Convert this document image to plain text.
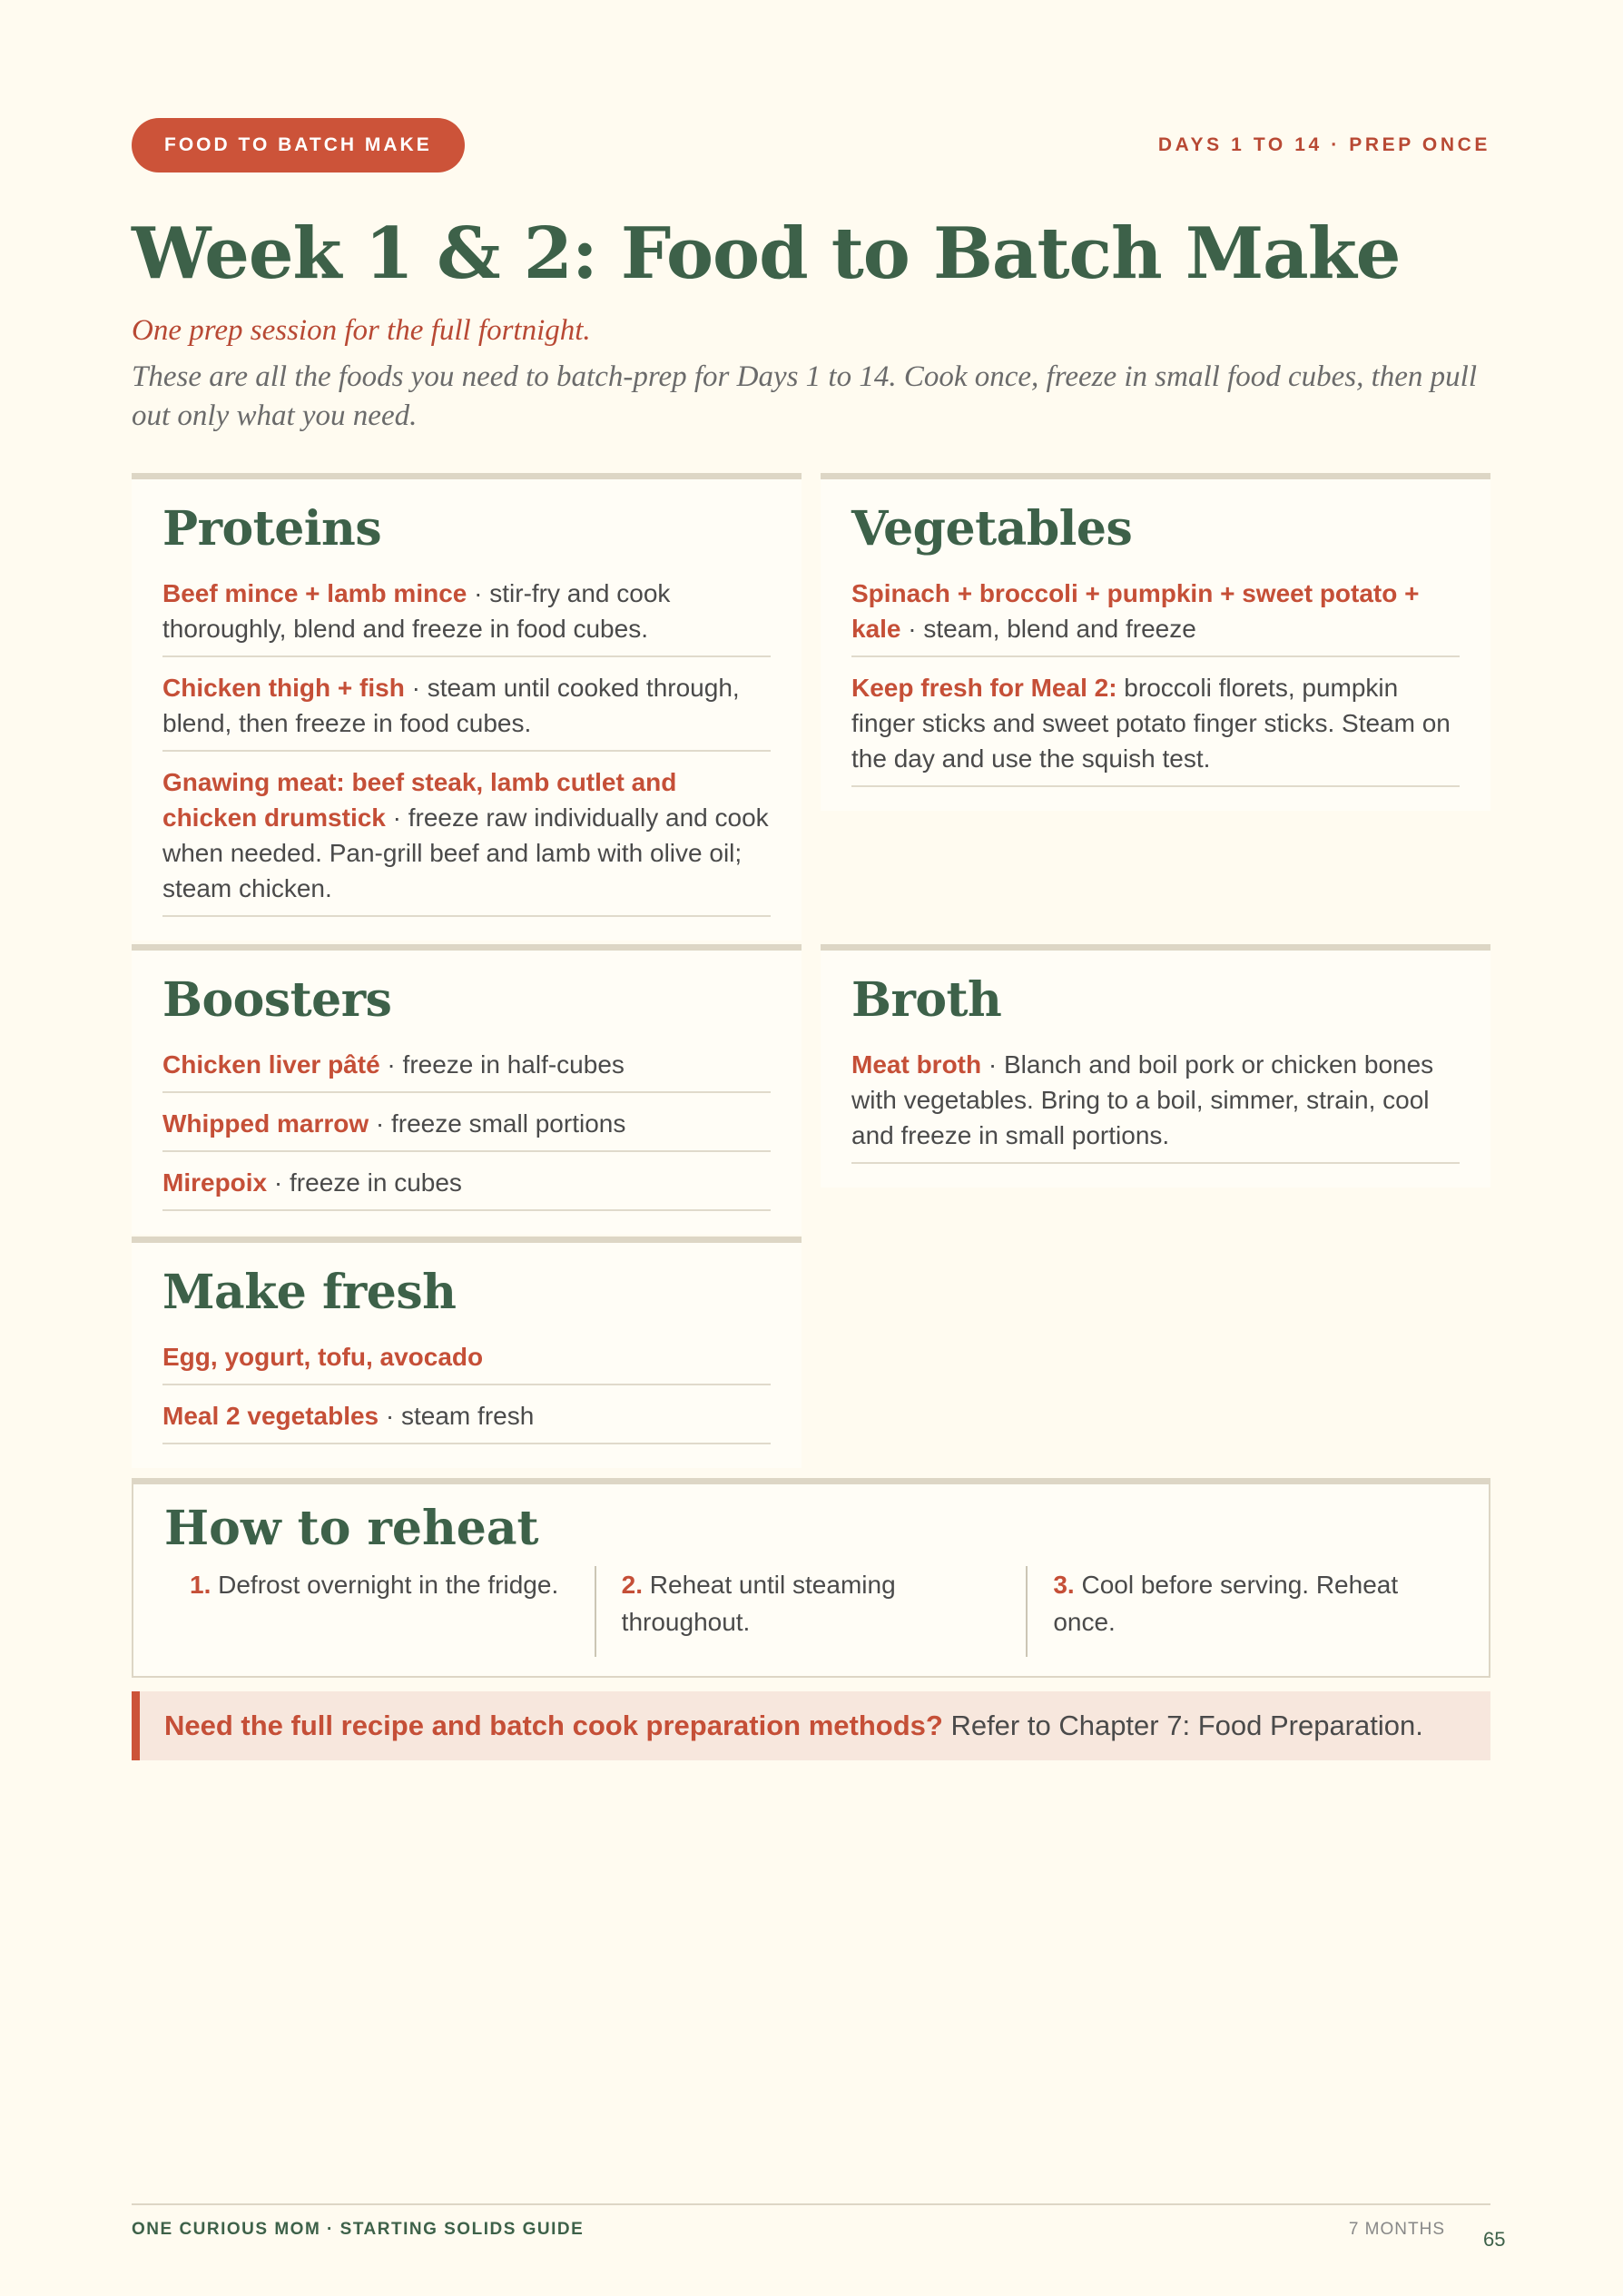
FOOD TO BATCH MAKE	DAYS 1 TO 14 · PREP ONCE
Week 1 & 2: Food to Batch Make
One prep session for the full fortnight.
These are all the foods you need to batch-prep for Days 1 to 14. Cook once, freeze in small food cubes, then pull out only what you need.
Proteins
Beef mince + lamb mince · stir-fry and cook thoroughly, blend and freeze in food cubes.
Chicken thigh + fish · steam until cooked through, blend, then freeze in food cubes.
Gnawing meat: beef steak, lamb cutlet and chicken drumstick · freeze raw individually and cook when needed. Pan-grill beef and lamb with olive oil; steam chicken.
Vegetables
Spinach + broccoli + pumpkin + sweet potato + kale · steam, blend and freeze
Keep fresh for Meal 2: broccoli florets, pumpkin finger sticks and sweet potato finger sticks. Steam on the day and use the squish test.
Boosters
Chicken liver pâté · freeze in half-cubes
Whipped marrow · freeze small portions
Mirepoix · freeze in cubes
Broth
Meat broth · Blanch and boil pork or chicken bones with vegetables. Bring to a boil, simmer, strain, cool and freeze in small portions.
Make fresh
Egg, yogurt, tofu, avocado
Meal 2 vegetables · steam fresh
How to reheat
1. Defrost overnight in the fridge.	2. Reheat until steaming throughout.
3. Cool before serving. Reheat once.
Need the full recipe and batch cook preparation methods? Refer to Chapter 7: Food Preparation.
ONE CURIOUS MOM · STARTING SOLIDS GUIDE	7 MONTHS 65
